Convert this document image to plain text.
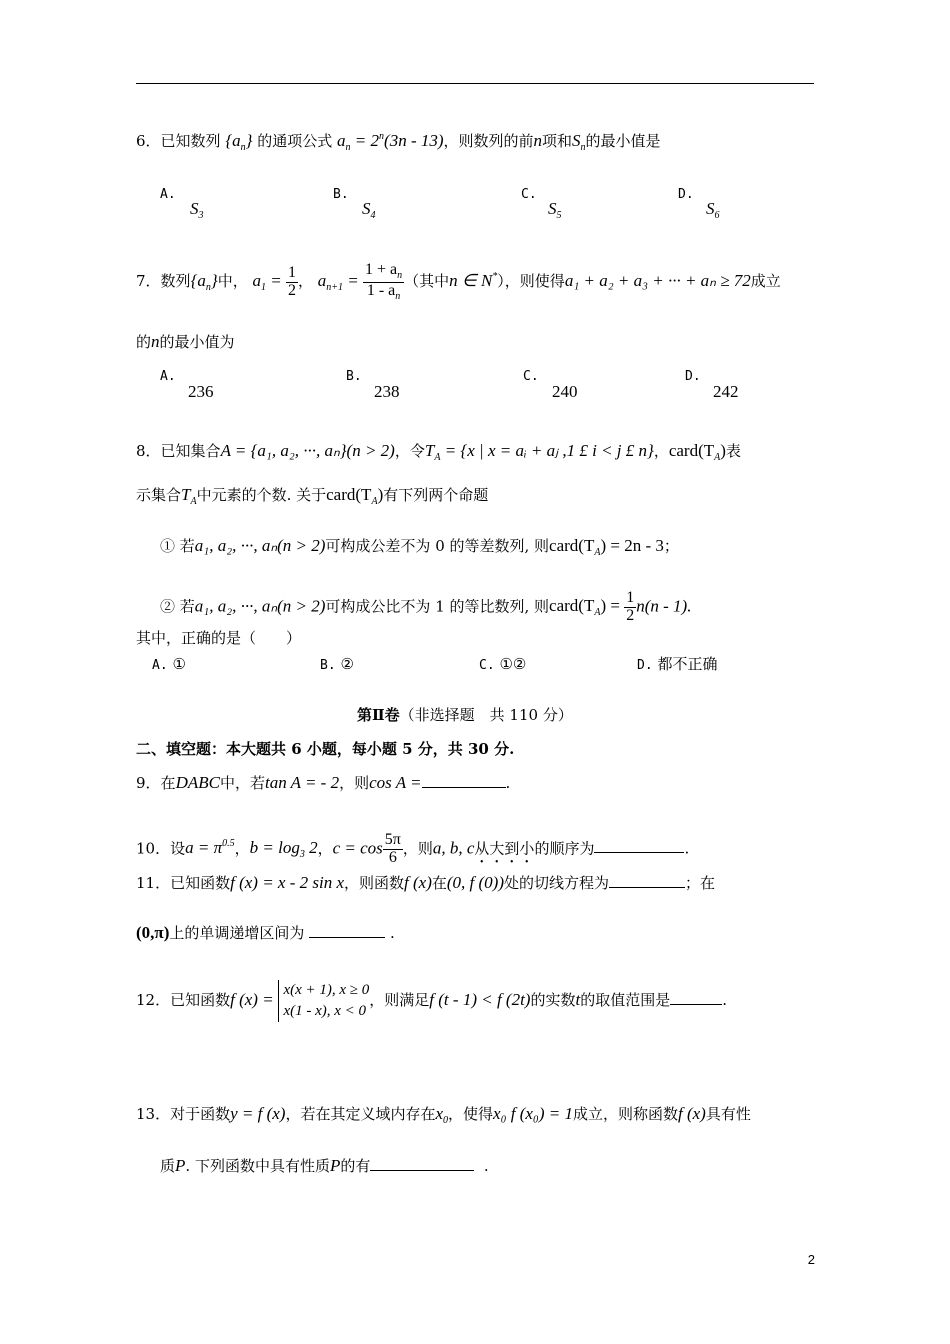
6．已知数列 $\{a_n\}$ 的通项公式 $a_n = 2^n(3n - 13)$，则数列的前n项和$S_n$的最小值是
A.
$S_3$
B.
$S_4$
C.
$S_5$
D.
$S_6$
7．数列$\{a_n\}$中， $a_1 = \frac{1}{2}$ ， $a_{n+1} = \frac{1 + a_n}{1 - a_n}$ （其中n ∈ N*），则使得a₁ + a₂ + a₃ + ··· + aₙ ≥ 72成立
的n的最小值为
A.
236
B.
238
C.
240
D.
242
8．已知集合A = {a₁, a₂, ···, aₙ}(n > 2)，令$T_A = \{x$ | x = aᵢ + aⱼ ,1 £ i < j £ n}，$card(T_A)$表
示集合$T_A$中元素的个数. 关于$card(T_A)$有下列两个命题
① 若a₁, a₂, ···, aₙ(n > 2)可构成公差不为 0 的等差数列, 则$card(T_A) = 2n - 3$；
② 若a₁, a₂, ···, aₙ(n > 2)可构成公比不为 1 的等比数列, 则$card(T_A) = \frac{1}{2} n(n - 1)$.
其中，正确的是（　　）
A. ①	B. ②	C. ①②	D. 都不正确
第Ⅱ卷（非选择题　共 110 分）
二、填空题：本大题共 6 小题，每小题 5 分，共 30 分.
9．在DABC中，若tan A = - 2，则cos A =	.
10．设$a = \pi^{0.5}$，$b = \log_3 2$，$c = \cos \frac{5\pi}{6}$ ，则a, b, c从大到小的顺序为	.
11．已知函数f (x) = x - 2 sin x，则函数f (x)在(0, f (0))处的切线方程为	；在
(0,π)上的单调递增区间为	.
12．已知函数f (x) = x(x + 1), x ≥ 0
x(1 - x), x < 0
，则满足f (t - 1) < f (2t)的实数t的取值范围是	.
13．对于函数y = f (x)，若在其定义域内存在$x_0$，使得x₀ f (x₀) = 1成立，则称函数f (x)具有性
质P. 下列函数中具有性质P的有	.
2
